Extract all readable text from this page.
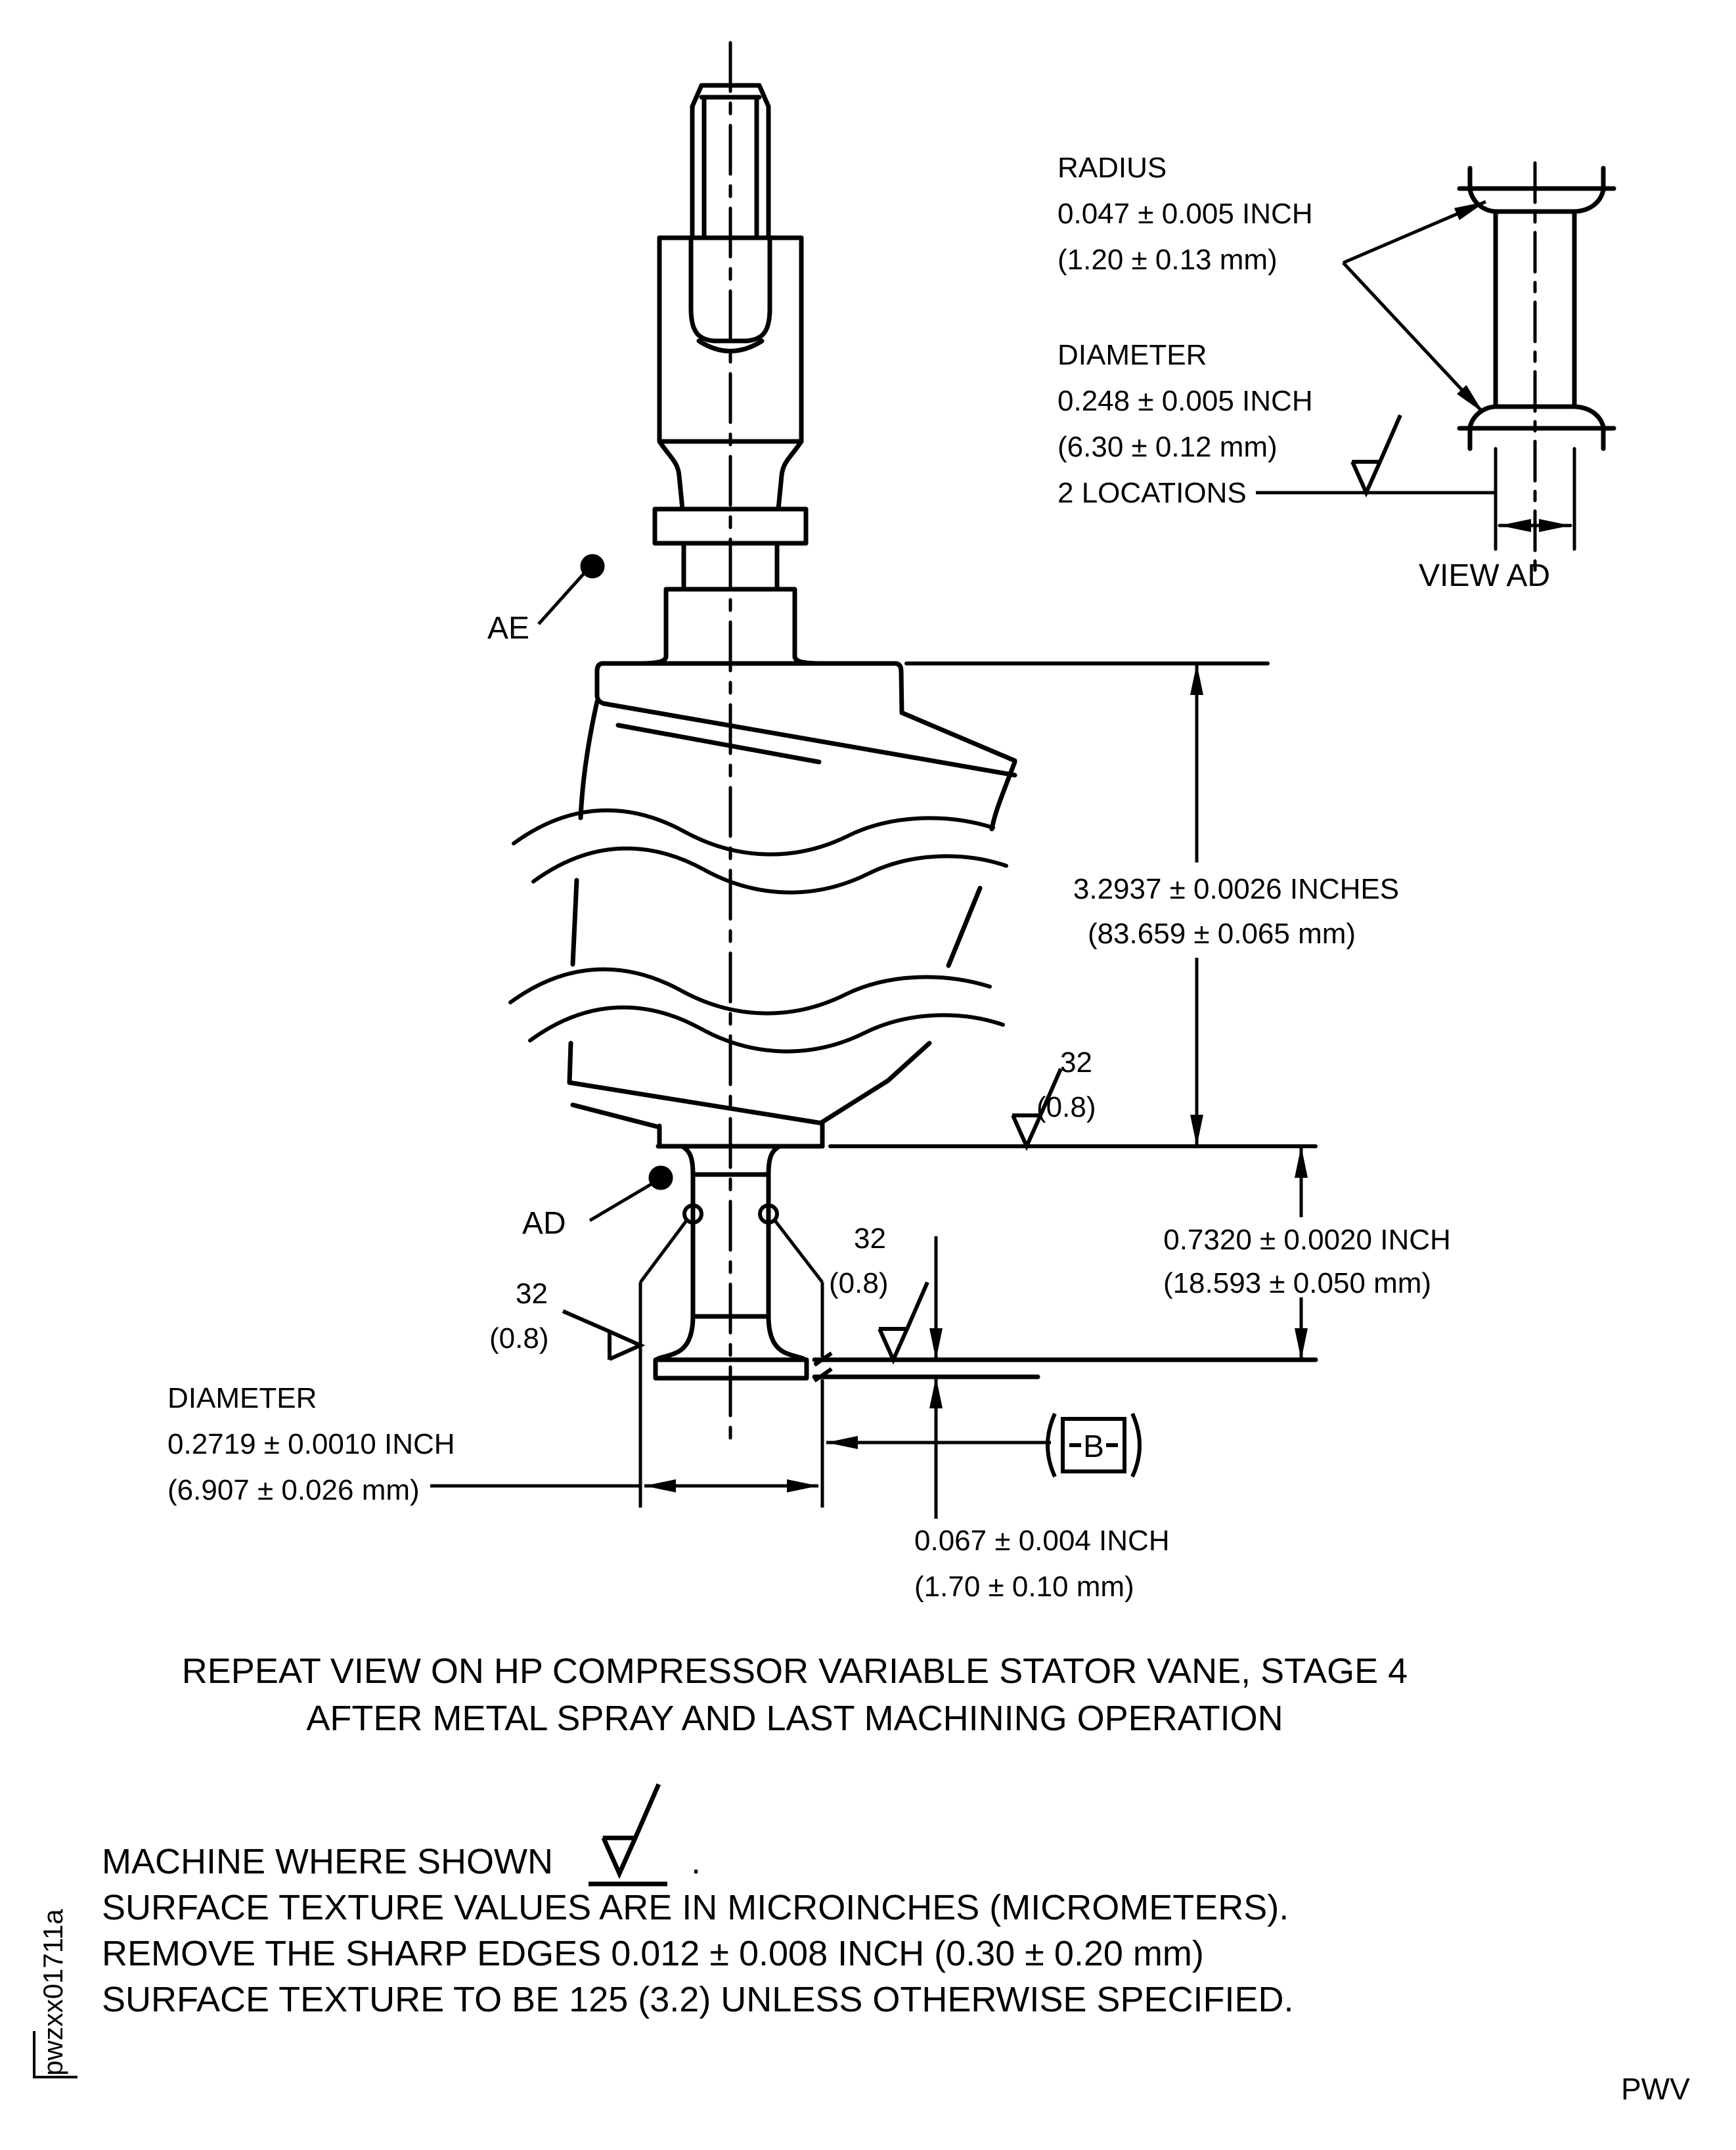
RADIUS
0.047 ± 0.005 INCH
(1.20 ± 0.13 mm)
DIAMETER
0.248 ± 0.005 INCH
(6.30 ± 0.12 mm)
2 LOCATIONS
VIEW AD
AE
AD
3.2937 ± 0.0026 INCHES
(83.659 ± 0.065 mm)
0.7320 ± 0.0020 INCH
(18.593 ± 0.050 mm)
0.067 ± 0.004 INCH
(1.70 ± 0.10 mm)
DIAMETER
0.2719 ± 0.0010 INCH
(6.907 ± 0.026 mm)
B
32
(0.8)
32
(0.8)
32
(0.8)
REPEAT VIEW ON HP COMPRESSOR VARIABLE STATOR VANE, STAGE 4
AFTER METAL SPRAY AND LAST MACHINING OPERATION
MACHINE WHERE SHOWN	.
SURFACE TEXTURE VALUES ARE IN MICROINCHES (MICROMETERS).
REMOVE THE SHARP EDGES 0.012 ± 0.008 INCH (0.30 ± 0.20 mm)
SURFACE TEXTURE TO BE 125 (3.2) UNLESS OTHERWISE SPECIFIED.
pwzxx01711a
PWV
